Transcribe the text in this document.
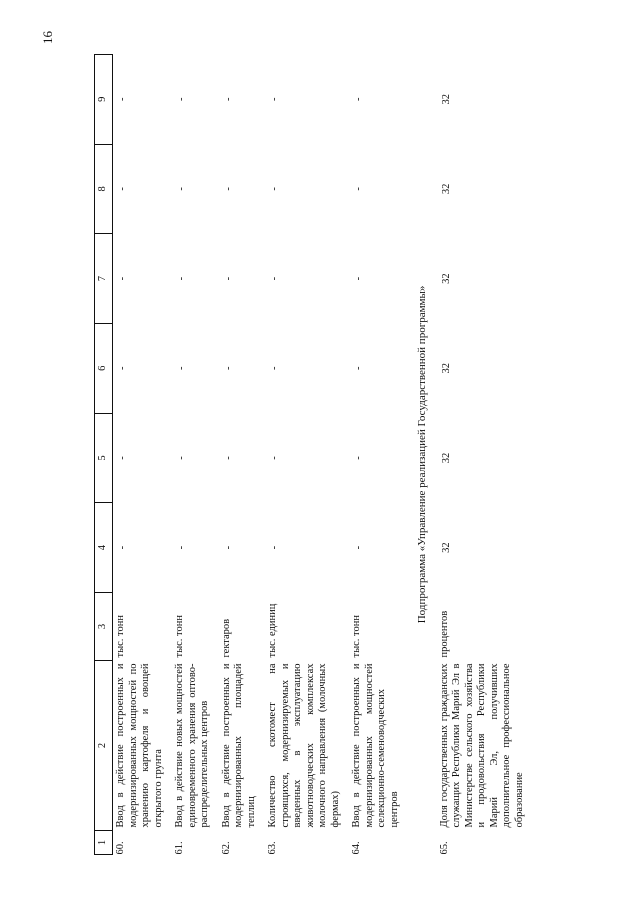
16
1	2	3	4	5	6	7	8	9
60.	Ввод в действие построенных и модернизированных мощностей по хранению картофеля и овощей открытого грунта	тыс. тонн	-	-	-	-	-	-
61.	Ввод в действие новых мощностей единовременного хранения оптово-распределительных центров	тыс. тонн	-	-	-	-	-	-
62.	Ввод в действие построенных и модернизированных площадей теплиц	гектаров	-	-	-	-	-	-
63.	Количество скотомест на строящихся, модернизируемых и введенных в эксплуатацию животноводческих комплексах молочного направления (молочных фермах)	тыс. единиц	-	-	-	-	-	-
64.	Ввод в действие построенных и модернизированных мощностей селекционно-семеноводческих центров	тыс. тонн	-	-	-	-	-	-
Подпрограмма «Управление реализацией Государственной программы»								
65.	Доля государственных гражданских служащих Республики Марий Эл в Министерстве сельского хозяйства и продовольствия Республики Марий Эл, получивших дополнительное профессиональное образование	процентов	32	32	32	32	32	32
